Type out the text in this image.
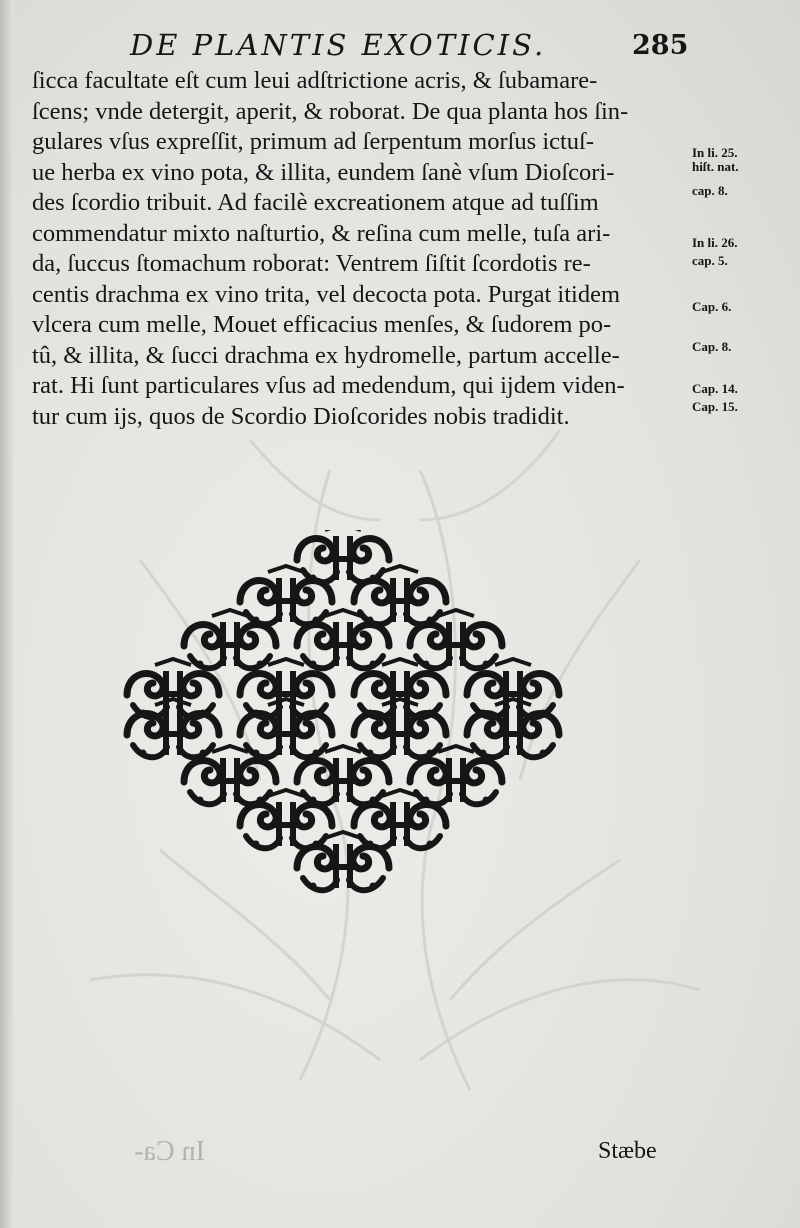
DE PLANTIS EXOTICIS.	285
ſicca facultate eſt cum leui adſtrictione acris, & ſubamare-
ſcens; vnde detergit, aperit, & roborat. De qua planta hos ſin-
gulares vſus expreſſit, primum ad ſerpentum morſus ictuſ-
ue herba ex vino pota, & illita, eundem ſanè vſum Dioſcori-
des ſcordio tribuit. Ad facilè excreationem atque ad tuſſim
commendatur mixto naſturtio, & reſina cum melle, tuſa ari-
da, ſuccus ſtomachum roborat: Ventrem ſiſtit ſcordotis re-
centis drachma ex vino trita, vel decocta pota. Purgat itidem
vlcera cum melle, Mouet efficacius menſes, & ſudorem po-
tû, & illita, & ſucci drachma ex hydromelle, partum accelle-
rat. Hi ſunt particulares vſus ad medendum, qui ijdem viden-
tur cum ijs, quos de Scordio Dioſcorides nobis tradidit.
In li. 25.
hiſt. nat.
cap. 8.
In li. 26.
cap. 5.
Cap. 6.
Cap. 8.
Cap. 14.
Cap. 15.
In Ca-	Stæbe
